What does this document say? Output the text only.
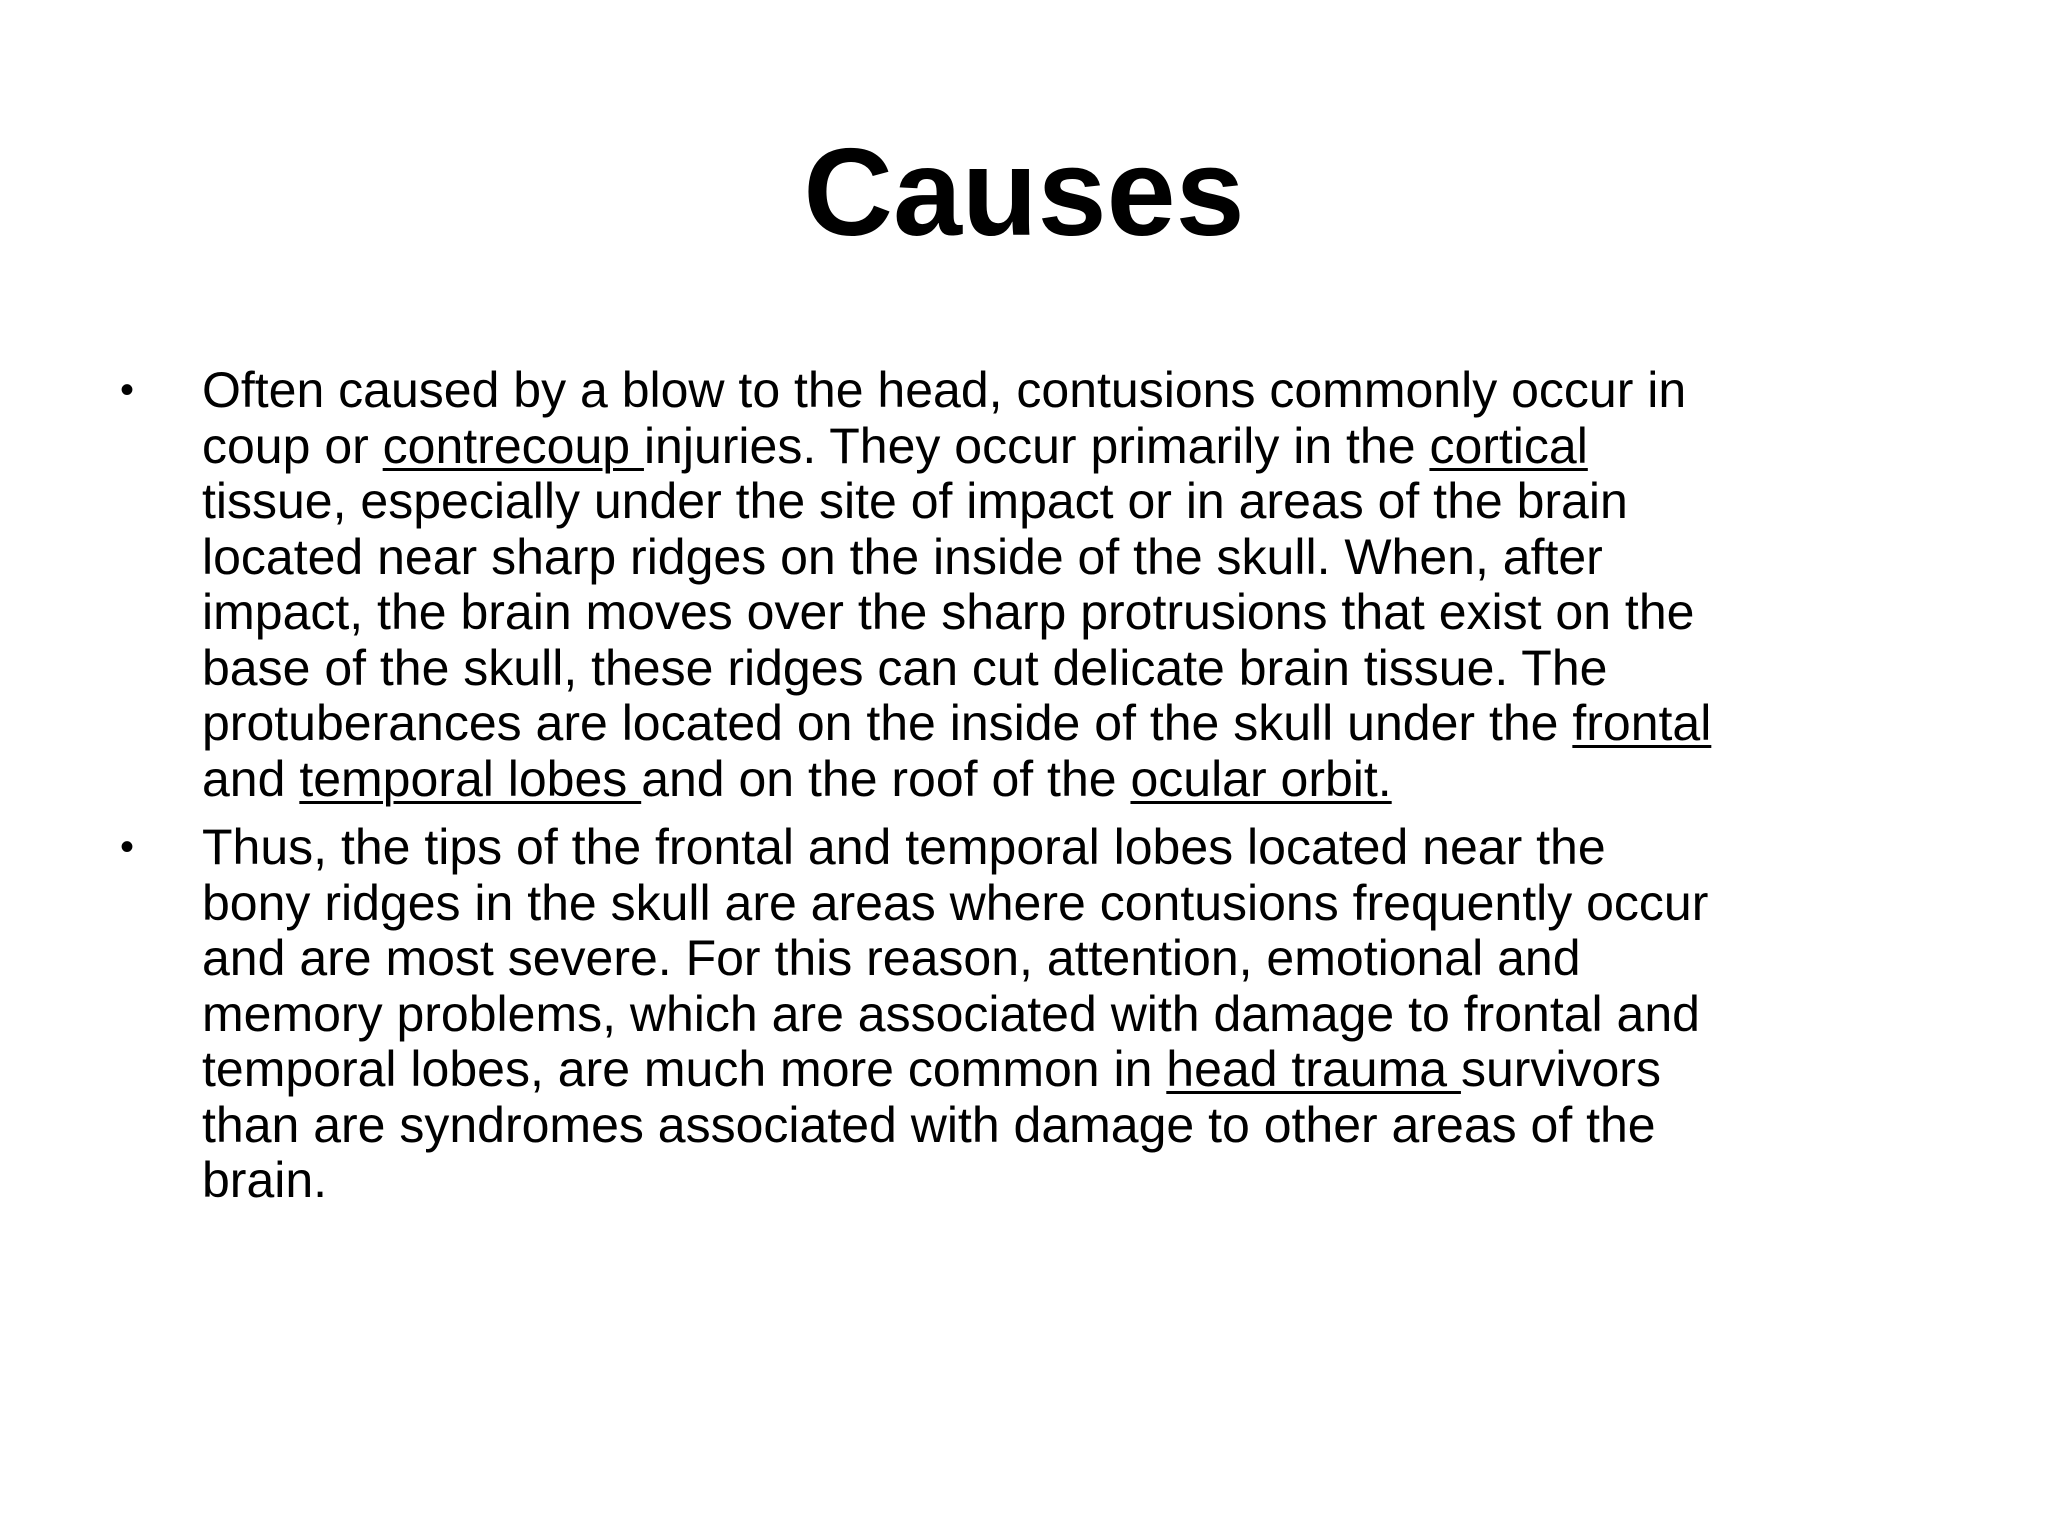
Causes
•	Often caused by a blow to the head, contusions commonly occur in
coup or contrecoup injuries. They occur primarily in the cortical
tissue, especially under the site of impact or in areas of the brain
located near sharp ridges on the inside of the skull. When, after
impact, the brain moves over the sharp protrusions that exist on the
base of the skull, these ridges can cut delicate brain tissue. The
protuberances are located on the inside of the skull under the frontal
and temporal lobes and on the roof of the ocular orbit.
•	Thus, the tips of the frontal and temporal lobes located near the
bony ridges in the skull are areas where contusions frequently occur
and are most severe. For this reason, attention, emotional and
memory problems, which are associated with damage to frontal and
temporal lobes, are much more common in head trauma survivors
than are syndromes associated with damage to other areas of the
brain.
